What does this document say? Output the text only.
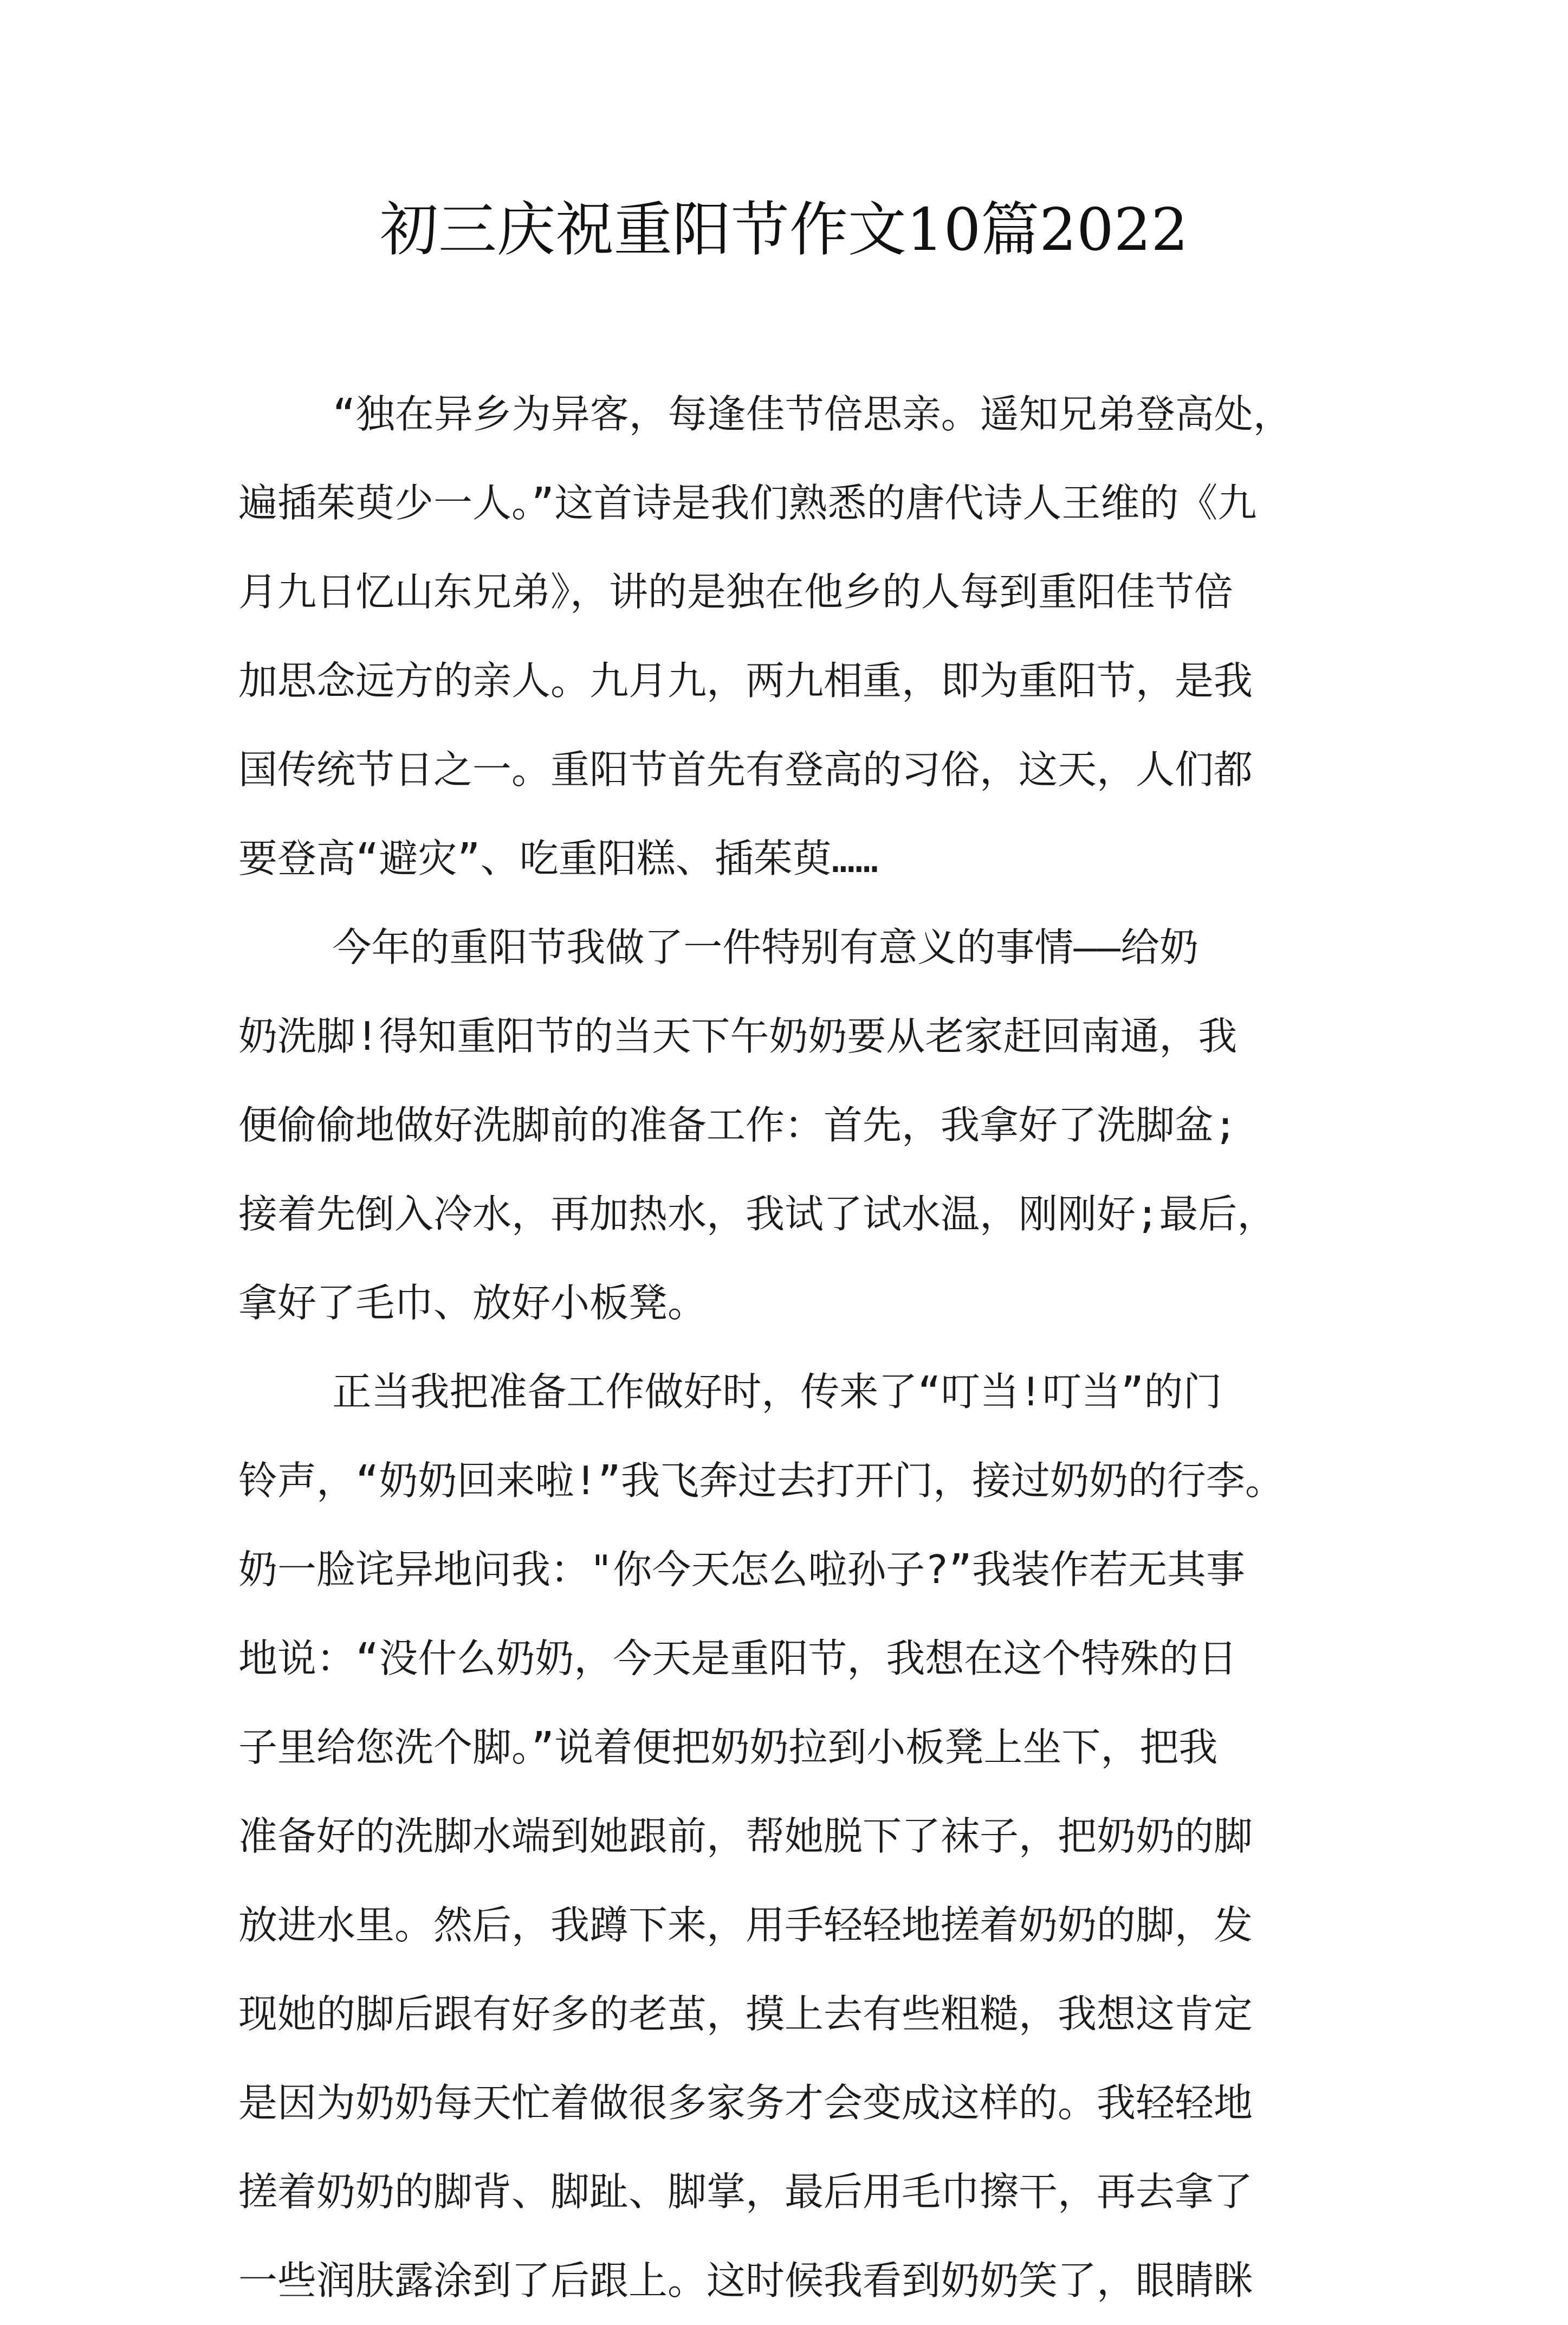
初三庆祝重阳节作文10篇2022
“独在异乡为异客，每逢佳节倍思亲。遥知兄弟登高处，
遍插茱萸少一人。”这首诗是我们熟悉的唐代诗人王维的《九
月九日忆山东兄弟》，讲的是独在他乡的人每到重阳佳节倍
加思念远方的亲人。九月九，两九相重，即为重阳节，是我
国传统节日之一。重阳节首先有登高的习俗，这天，人们都
要登高“避灾”、吃重阳糕、插茱萸……
今年的重阳节我做了一件特别有意义的事情——给奶
奶洗脚!得知重阳节的当天下午奶奶要从老家赶回南通，我
便偷偷地做好洗脚前的准备工作：首先，我拿好了洗脚盆;
接着先倒入冷水，再加热水，我试了试水温，刚刚好;最后，
拿好了毛巾、放好小板凳。
正当我把准备工作做好时，传来了“叮当!叮当”的门
铃声，“奶奶回来啦!”我飞奔过去打开门，接过奶奶的行李。
奶一脸诧异地问我："你今天怎么啦孙子?”我装作若无其事
地说：“没什么奶奶，今天是重阳节，我想在这个特殊的日
子里给您洗个脚。”说着便把奶奶拉到小板凳上坐下，把我
准备好的洗脚水端到她跟前，帮她脱下了袜子，把奶奶的脚
放进水里。然后，我蹲下来，用手轻轻地搓着奶奶的脚，发
现她的脚后跟有好多的老茧，摸上去有些粗糙，我想这肯定
是因为奶奶每天忙着做很多家务才会变成这样的。我轻轻地
搓着奶奶的脚背、脚趾、脚掌，最后用毛巾擦干，再去拿了
一些润肤露涂到了后跟上。这时候我看到奶奶笑了，眼睛眯
